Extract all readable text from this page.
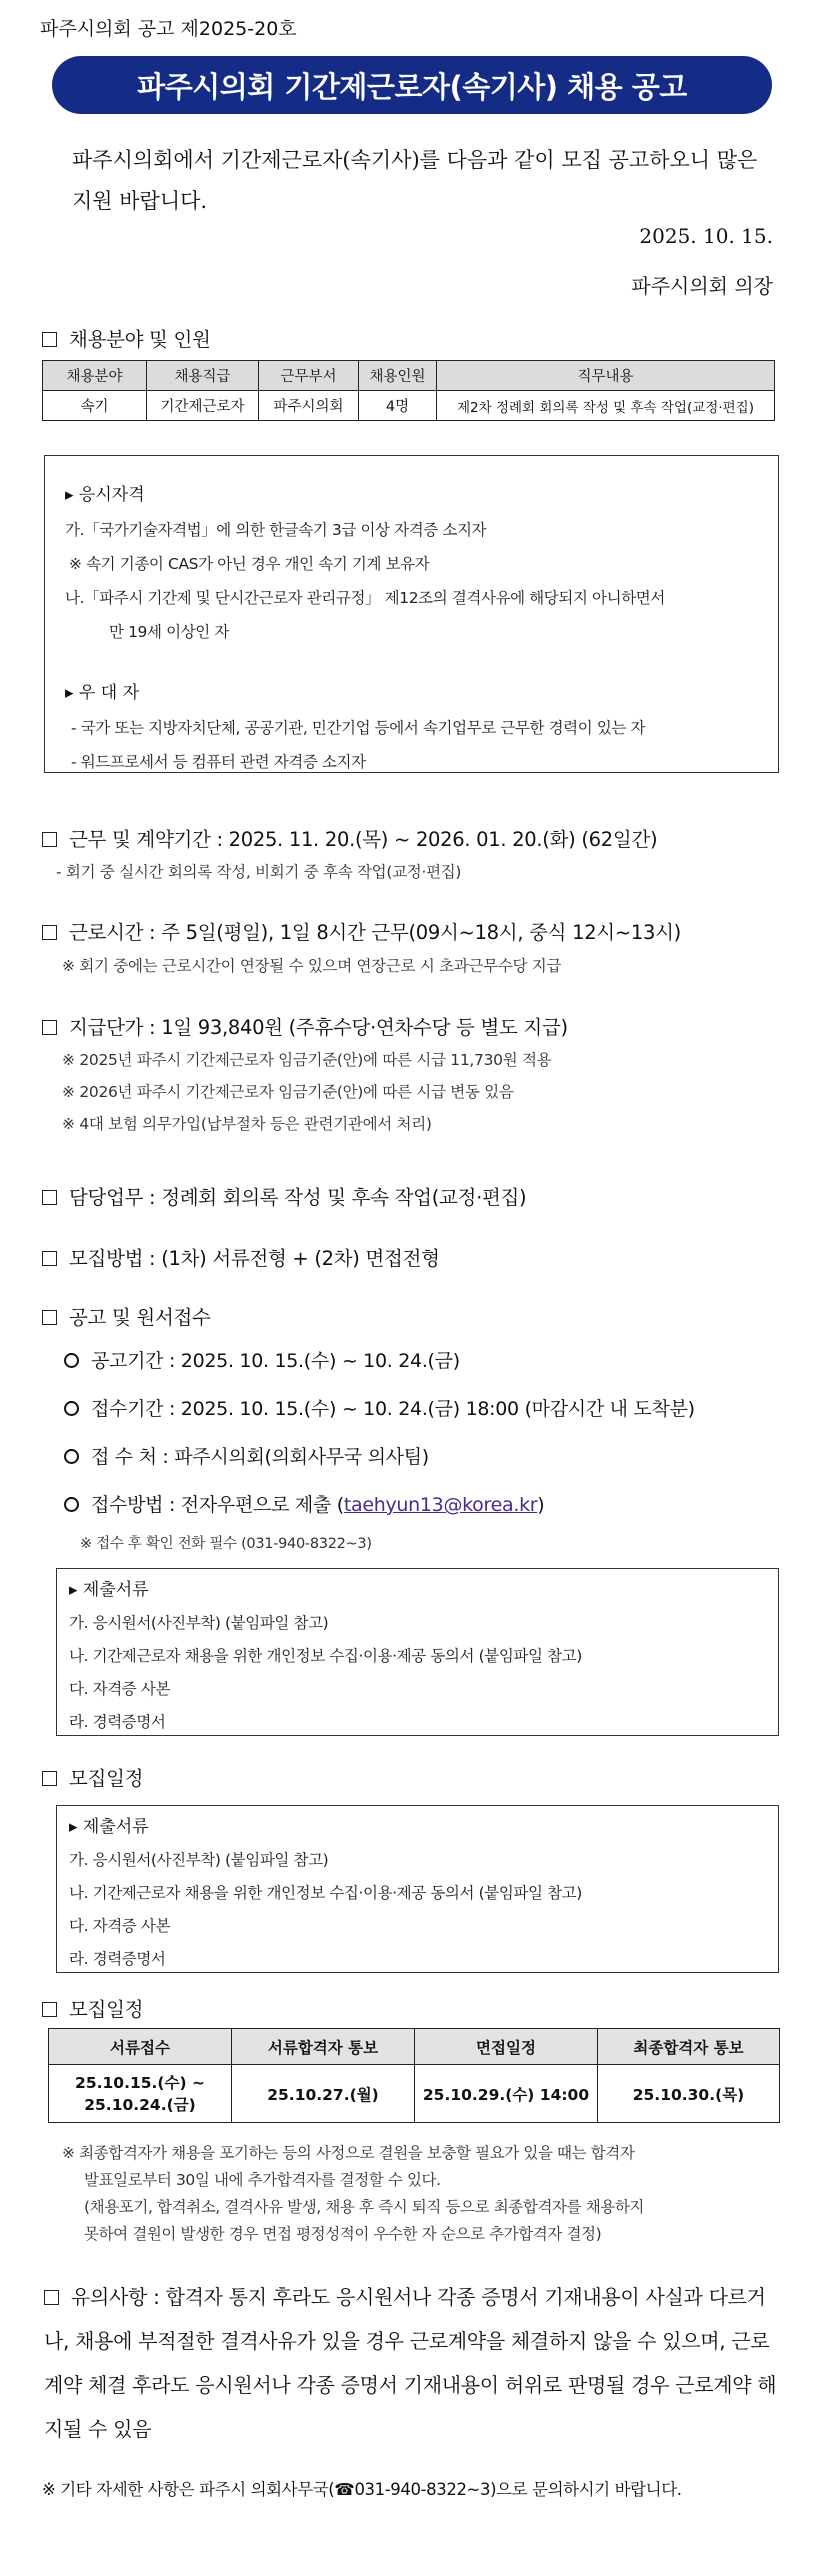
파주시의회 공고 제2025-20호
파주시의회 기간제근로자(속기사) 채용 공고
파주시의회에서 기간제근로자(속기사)를 다음과 같이 모집 공고하오니 많은 지원 바랍니다.
2025. 10. 15.
파주시의회 의장
채용분야 및 인원
채용분야	채용직급	근무부서	채용인원	직무내용
속기	기간제근로자	파주시의회	4명	제2차 정례회 회의록 작성 및 후속 작업(교정·편집)
▸ 응시자격
가.「국가기술자격법」에 의한 한글속기 3급 이상 자격증 소지자
※ 속기 기종이 CAS가 아닌 경우 개인 속기 기계 보유자
나.「파주시 기간제 및 단시간근로자 관리규정」 제12조의 결격사유에 해당되지 아니하면서
만 19세 이상인 자
▸ 우 대 자
- 국가 또는 지방자치단체, 공공기관, 민간기업 등에서 속기업무로 근무한 경력이 있는 자
- 워드프로세서 등 컴퓨터 관련 자격증 소지자
근무 및 계약기간 : 2025. 11. 20.(목) ~ 2026. 01. 20.(화) (62일간)
- 회기 중 실시간 회의록 작성, 비회기 중 후속 작업(교정·편집)
근로시간 : 주 5일(평일), 1일 8시간 근무(09시~18시, 중식 12시~13시)
※ 회기 중에는 근로시간이 연장될 수 있으며 연장근로 시 초과근무수당 지급
지급단가 : 1일 93,840원 (주휴수당·연차수당 등 별도 지급)
※ 2025년 파주시 기간제근로자 임금기준(안)에 따른 시급 11,730원 적용
※ 2026년 파주시 기간제근로자 임금기준(안)에 따른 시급 변동 있음
※ 4대 보험 의무가입(납부절차 등은 관련기관에서 처리)
담당업무 : 정례회 회의록 작성 및 후속 작업(교정·편집)
모집방법 : (1차) 서류전형 + (2차) 면접전형
공고 및 원서접수
공고기간 : 2025. 10. 15.(수) ~ 10. 24.(금)
접수기간 : 2025. 10. 15.(수) ~ 10. 24.(금) 18:00 (마감시간 내 도착분)
접 수 처 : 파주시의회(의회사무국 의사팀)
접수방법 : 전자우편으로 제출 (taehyun13@korea.kr)
※ 접수 후 확인 전화 필수 (031-940-8322~3)
▸ 제출서류
가. 응시원서(사진부착) (붙임파일 참고)
나. 기간제근로자 채용을 위한 개인정보 수집·이용·제공 동의서 (붙임파일 참고)
다. 자격증 사본
라. 경력증명서
모집일정
▸ 제출서류
가. 응시원서(사진부착) (붙임파일 참고)
나. 기간제근로자 채용을 위한 개인정보 수집·이용·제공 동의서 (붙임파일 참고)
다. 자격증 사본
라. 경력증명서
모집일정
서류접수	서류합격자 통보	면접일정	최종합격자 통보

25.10.15.(수) ~
25.10.24.(금)	25.10.27.(월)	25.10.29.(수) 14:00	25.10.30.(목)
※ 최종합격자가 채용을 포기하는 등의 사정으로 결원을 보충할 필요가 있을 때는 합격자
발표일로부터 30일 내에 추가합격자를 결정할 수 있다.
(채용포기, 합격취소, 결격사유 발생, 채용 후 즉시 퇴직 등으로 최종합격자를 채용하지
못하여 결원이 발생한 경우 면접 평정성적이 우수한 자 순으로 추가합격자 결정)
유의사항 : 합격자 통지 후라도 응시원서나 각종 증명서 기재내용이 사실과 다르거나, 채용에 부적절한 결격사유가 있을 경우 근로계약을 체결하지 않을 수 있으며, 근로계약 체결 후라도 응시원서나 각종 증명서 기재내용이 허위로 판명될 경우 근로계약 해지될 수 있음
※ 기타 자세한 사항은 파주시 의회사무국(☎031-940-8322~3)으로 문의하시기 바랍니다.
